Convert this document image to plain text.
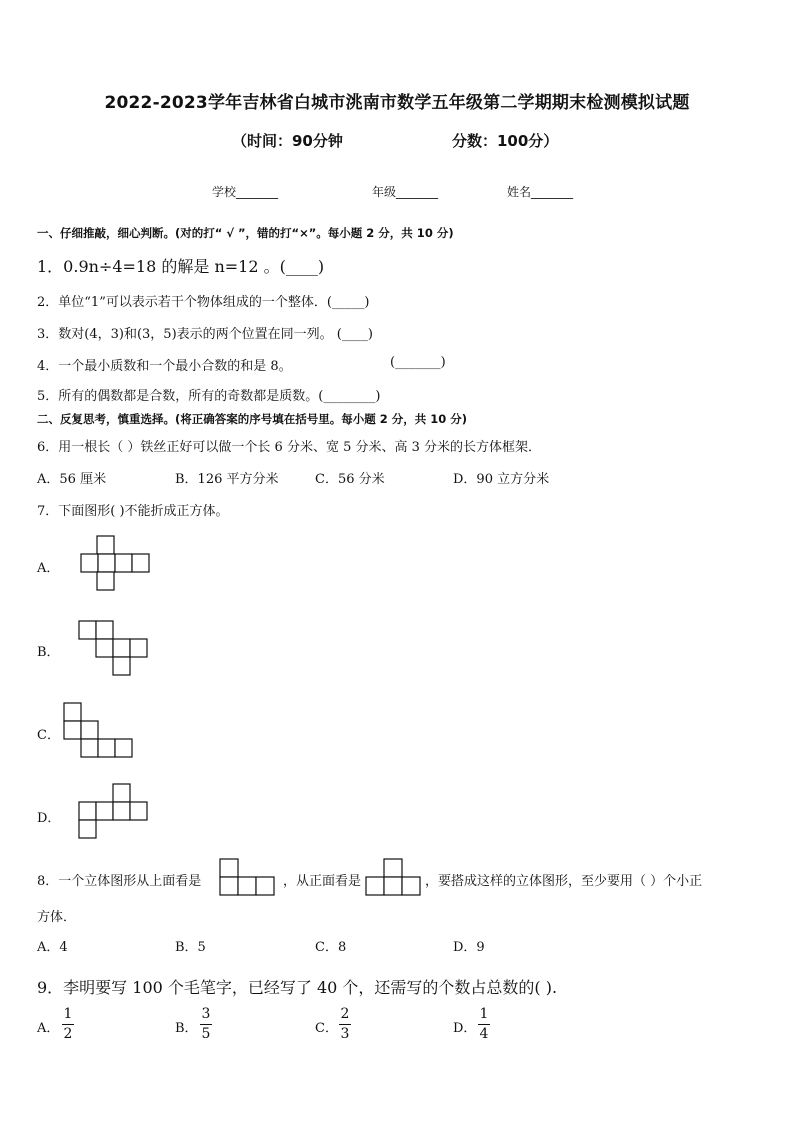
2022-2023学年吉林省白城市洮南市数学五年级第二学期期末检测模拟试题
（时间：90分钟	分数：100分）
学校_______	年级_______	姓名_______
一、仔细推敲，细心判断。(对的打“ √ ”，错的打“×”。每小题 2 分，共 10 分)
1．0.9n÷4=18 的解是 n=12 。(____)
2．单位“1”可以表示若干个物体组成的一个整体．(_____)
3．数对(4，3)和(3，5)表示的两个位置在同一列。 (____)
4．一个最小质数和一个最小合数的和是 8。	(_______)
5．所有的偶数都是合数，所有的奇数都是质数。(________)
二、反复思考，慎重选择。(将正确答案的序号填在括号里。每小题 2 分，共 10 分)
6．用一根长（ ）铁丝正好可以做一个长 6 分米、宽 5 分米、高 3 分米的长方体框架．
A．56 厘米	B．126 平方分米	C．56 分米	D．90 立方分米
7．下面图形( )不能折成正方体。
A．
B．
C．
D．
8．一个立体图形从上面看是	，从正面看是	，要搭成这样的立体图形，至少要用（ ）个小正
方体．
A．4	B．5	C．8	D．9
9．李明要写 100 个毛笔字，已经写了 40 个，还需写的个数占总数的( ).
A．
1
2	B．
3
5	C．
2
3	D．
1
4
